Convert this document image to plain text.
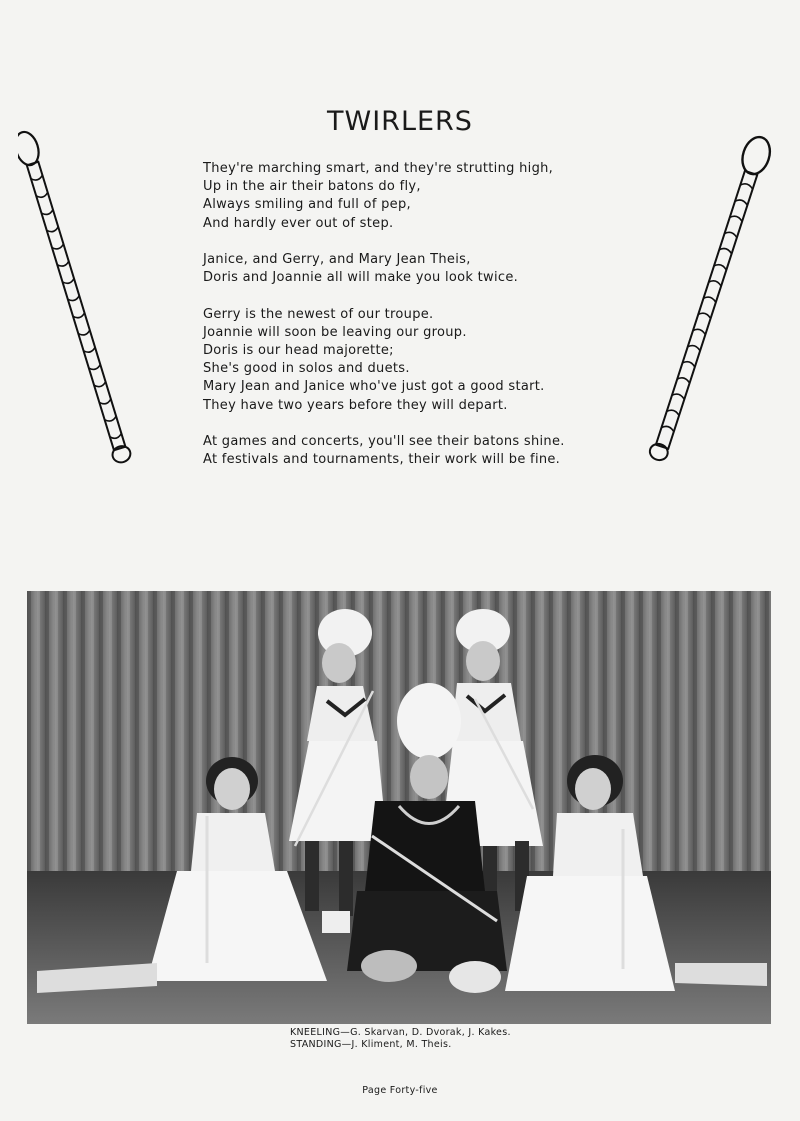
TWIRLERS
They're marching smart, and they're strutting high,
Up in the air their batons do fly,
Always smiling and full of pep,
And hardly ever out of step.
Janice, and Gerry, and Mary Jean Theis,
Doris and Joannie all will make you look twice.
Gerry is the newest of our troupe.
Joannie will soon be leaving our group.
Doris is our head majorette;
She's good in solos and duets.
Mary Jean and Janice who've just got a good start.
They have two years before they will depart.
At games and concerts, you'll see their batons shine.
At festivals and tournaments, their work will be fine.
KNEELING—G. Skarvan, D. Dvorak, J. Kakes.
STANDING—J. Kliment, M. Theis.
Page Forty-five
